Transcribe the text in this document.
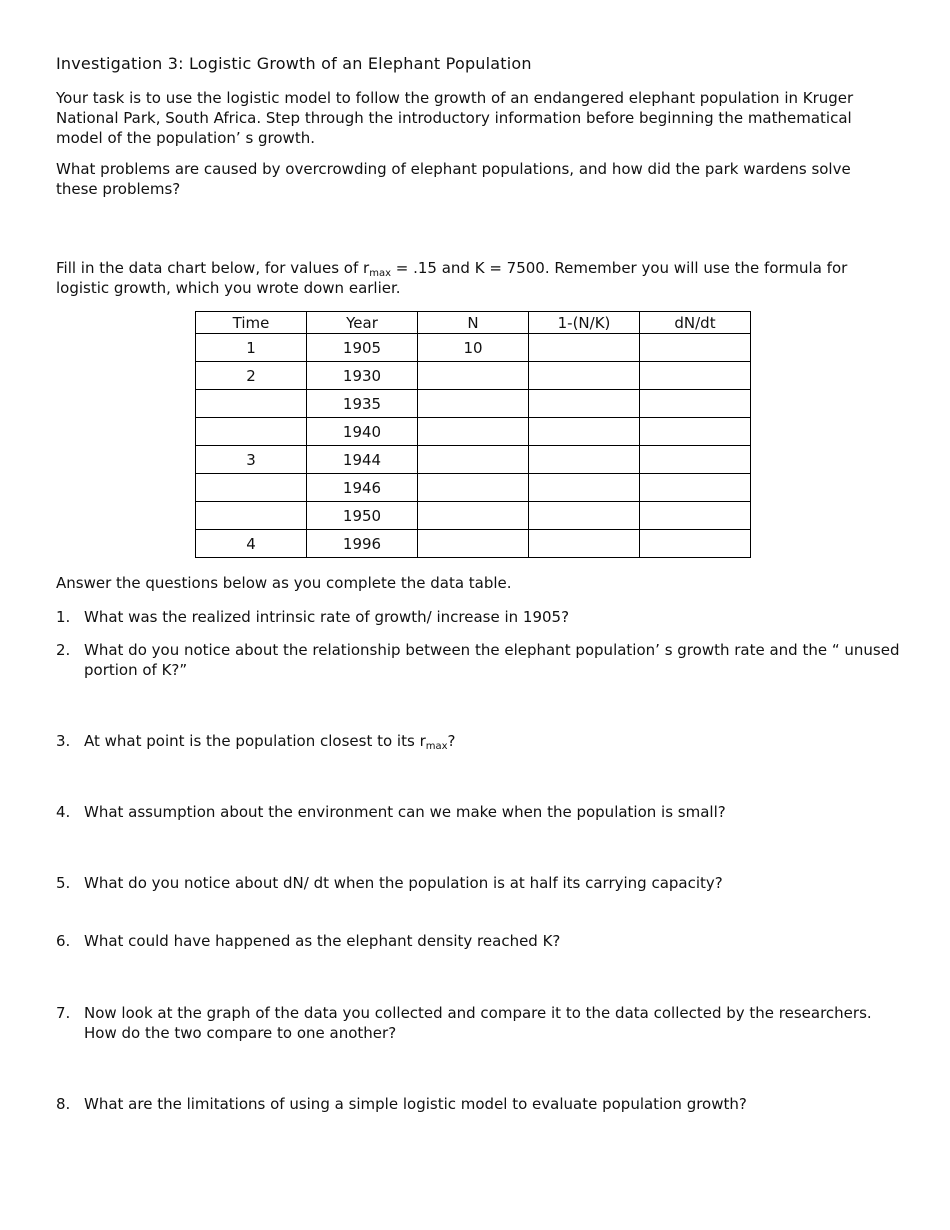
Investigation 3: Logistic Growth of an Elephant Population
Your task is to use the logistic model to follow the growth of an endangered elephant population in Kruger National Park, South Africa. Step through the introductory information before beginning the mathematical model of the population’ s growth.
What problems are caused by overcrowding of elephant populations, and how did the park wardens solve these problems?
Fill in the data chart below, for values of $r_{max} = .15$ and K = 7500. Remember you will use the formula for logistic growth, which you wrote down earlier.
Time	Year	N	1-(N/K)	dN/dt
1	1905	10		
2	1930			
	1935			
	1940			
3	1944			
	1946			
	1950			
4	1996			
Answer the questions below as you complete the data table.
1. What was the realized intrinsic rate of growth/ increase in 1905?
2. What do you notice about the relationship between the elephant population’ s growth rate and the “ unused portion of K?”
3. At what point is the population closest to its $r_{max}$?
4. What assumption about the environment can we make when the population is small?
5. What do you notice about dN/ dt when the population is at half its carrying capacity?
6. What could have happened as the elephant density reached K?
7. Now look at the graph of the data you collected and compare it to the data collected by the researchers. How do the two compare to one another?
8. What are the limitations of using a simple logistic model to evaluate population growth?
